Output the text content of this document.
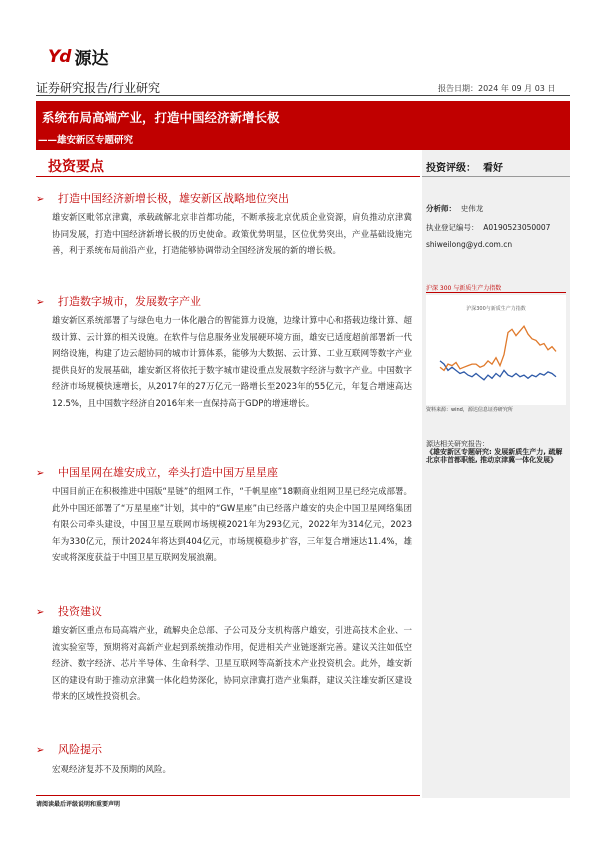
Yd 源达
证券研究报告/行业研究	报告日期：2024 年 09 月 03 日
系统布局高端产业，打造中国经济新增长极
——雄安新区专题研究
投资要点
➢ 打造中国经济新增长极，雄安新区战略地位突出
雄安新区毗邻京津冀，承载疏解北京非首都功能，不断承接北京优质企业资源，肩负推动京津冀协同发展，打造中国经济新增长极的历史使命。政策优势明显，区位优势突出，产业基础设施完善，利于系统布局前沿产业，打造能够协调带动全国经济发展的新的增长极。
➢ 打造数字城市，发展数字产业
雄安新区系统部署了与绿色电力一体化融合的智能算力设施，边缘计算中心和搭载边缘计算、超级计算、云计算的相关设施。在软件与信息服务业发展硬环境方面，雄安已适度超前部署新一代网络设施，构建了边云超协同的城市计算体系，能够为大数据、云计算、工业互联网等数字产业提供良好的发展基础，雄安新区将依托于数字城市建设重点发展数字经济与数字产业。中国数字经济市场规模快速增长，从2017年的27万亿元一路增长至2023年的55亿元，年复合增速高达12.5%，且中国数字经济自2016年来一直保持高于GDP的增速增长。
➢ 中国星网在雄安成立，牵头打造中国万星星座
中国目前正在积极推进中国版“星链”的组网工作，“千帆星座”18颗商业组网卫星已经完成部署。此外中国还部署了“万星星座”计划，其中的“GW星座”由已经落户雄安的央企中国卫星网络集团有限公司牵头建设，中国卫星互联网市场规模2021年为293亿元，2022年为314亿元，2023年为330亿元，预计2024年将达到404亿元，市场规模稳步扩容，三年复合增速达11.4%，雄安或将深度获益于中国卫星互联网发展浪潮。
➢ 投资建议
雄安新区重点布局高端产业，疏解央企总部、子公司及分支机构落户雄安，引进高技术企业、一流实验室等，预期将对高新产业起到系统推动作用，促进相关产业链逐渐完善。建议关注如低空经济、数字经济、芯片半导体、生命科学、卫星互联网等高新技术产业投资机会。此外，雄安新区的建设有助于推动京津冀一体化趋势深化，协同京津冀打造产业集群，建议关注雄安新区建设带来的区域性投资机会。
➢ 风险提示
宏观经济复苏不及预期的风险。
请阅读最后评级说明和重要声明
投资评级： 看好
分析师： 史伟龙
执业登记编号： A0190523050007
shiweilong@yd.com.cn
沪深 300 与新质生产力指数
沪深300与新质生产力指数
资料来源：wind，源达信息证券研究所
源达相关研究报告：
《雄安新区专题研究: 发展新质生产力, 疏解北京非首都职能, 推动京津冀一体化发展》
